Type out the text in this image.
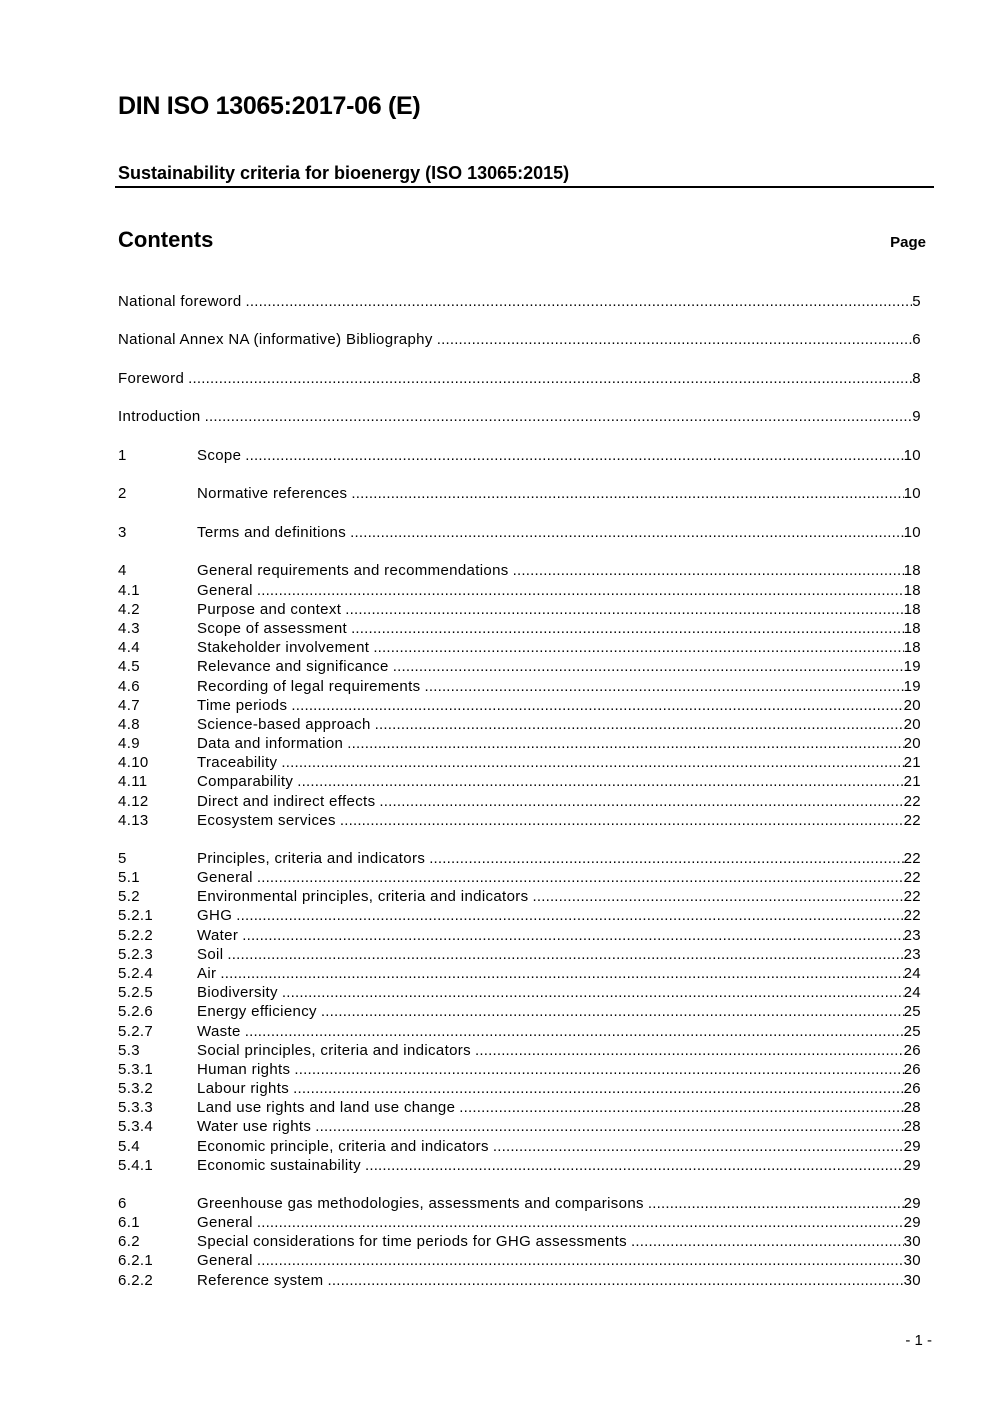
DIN ISO 13065:2017-06 (E)
Sustainability criteria for bioenergy (ISO 13065:2015)
Contents	Page
National foreword .....	5
National Annex NA (informative) Bibliography .....	6
Foreword .....	8
Introduction .....	9
1	Scope .....	10
2	Normative references .....	10
3	Terms and definitions .....	10
4	General requirements and recommendations .....	18
4.1	General .....	18
4.2	Purpose and context .....	18
4.3	Scope of assessment .....	18
4.4	Stakeholder involvement .....	18
4.5	Relevance and significance .....	19
4.6	Recording of legal requirements .....	19
4.7	Time periods .....	20
4.8	Science-based approach .....	20
4.9	Data and information .....	20
4.10	Traceability .....	21
4.11	Comparability .....	21
4.12	Direct and indirect effects .....	22
4.13	Ecosystem services .....	22
5	Principles, criteria and indicators .....	22
5.1	General .....	22
5.2	Environmental principles, criteria and indicators .....	22
5.2.1	GHG .....	22
5.2.2	Water .....	23
5.2.3	Soil .....	23
5.2.4	Air .....	24
5.2.5	Biodiversity .....	24
5.2.6	Energy efficiency .....	25
5.2.7	Waste .....	25
5.3	Social principles, criteria and indicators .....	26
5.3.1	Human rights .....	26
5.3.2	Labour rights .....	26
5.3.3	Land use rights and land use change .....	28
5.3.4	Water use rights .....	28
5.4	Economic principle, criteria and indicators .....	29
5.4.1	Economic sustainability .....	29
6	Greenhouse gas methodologies, assessments and comparisons .....	29
6.1	General .....	29
6.2	Special considerations for time periods for GHG assessments .....	30
6.2.1	General .....	30
6.2.2	Reference system .....	30
- 1 -
